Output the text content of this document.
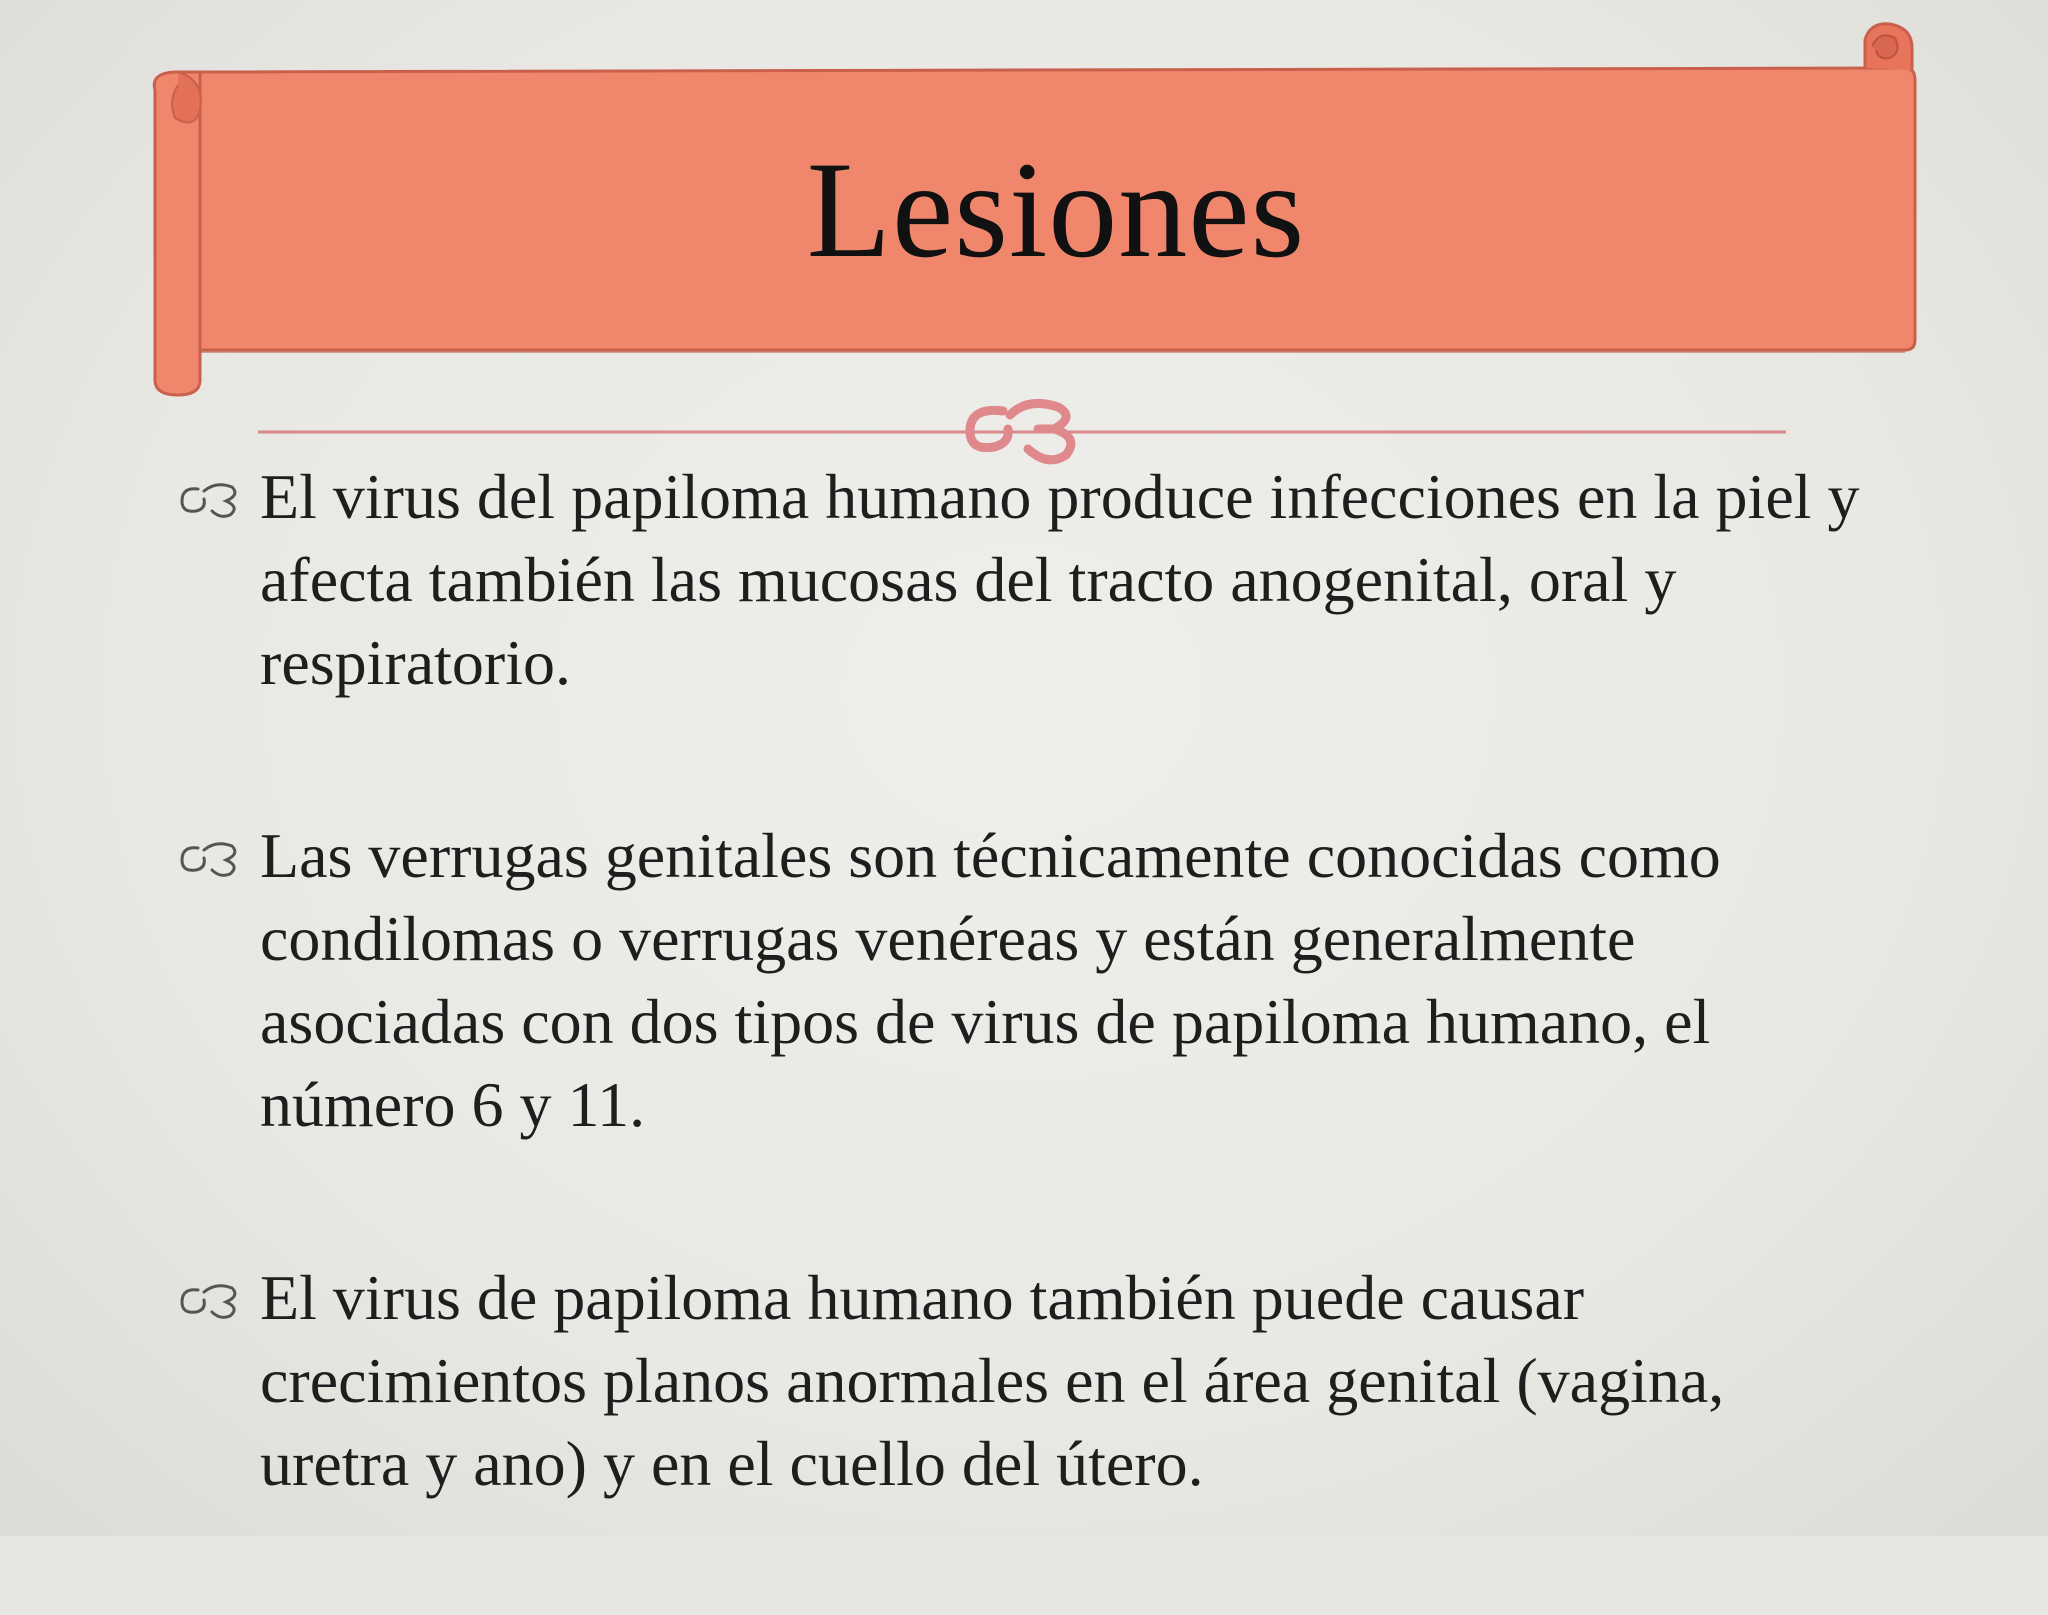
Lesiones
El virus del papiloma humano produce infecciones en la piel y afecta también las mucosas del tracto anogenital, oral y respiratorio.
Las verrugas genitales son técnicamente conocidas como condilomas o verrugas venéreas y están generalmente asociadas con dos tipos de virus de papiloma humano, el número 6 y 11.
El virus de papiloma humano también puede causar crecimientos planos anormales en el área genital (vagina, uretra y ano) y en el cuello del útero.
